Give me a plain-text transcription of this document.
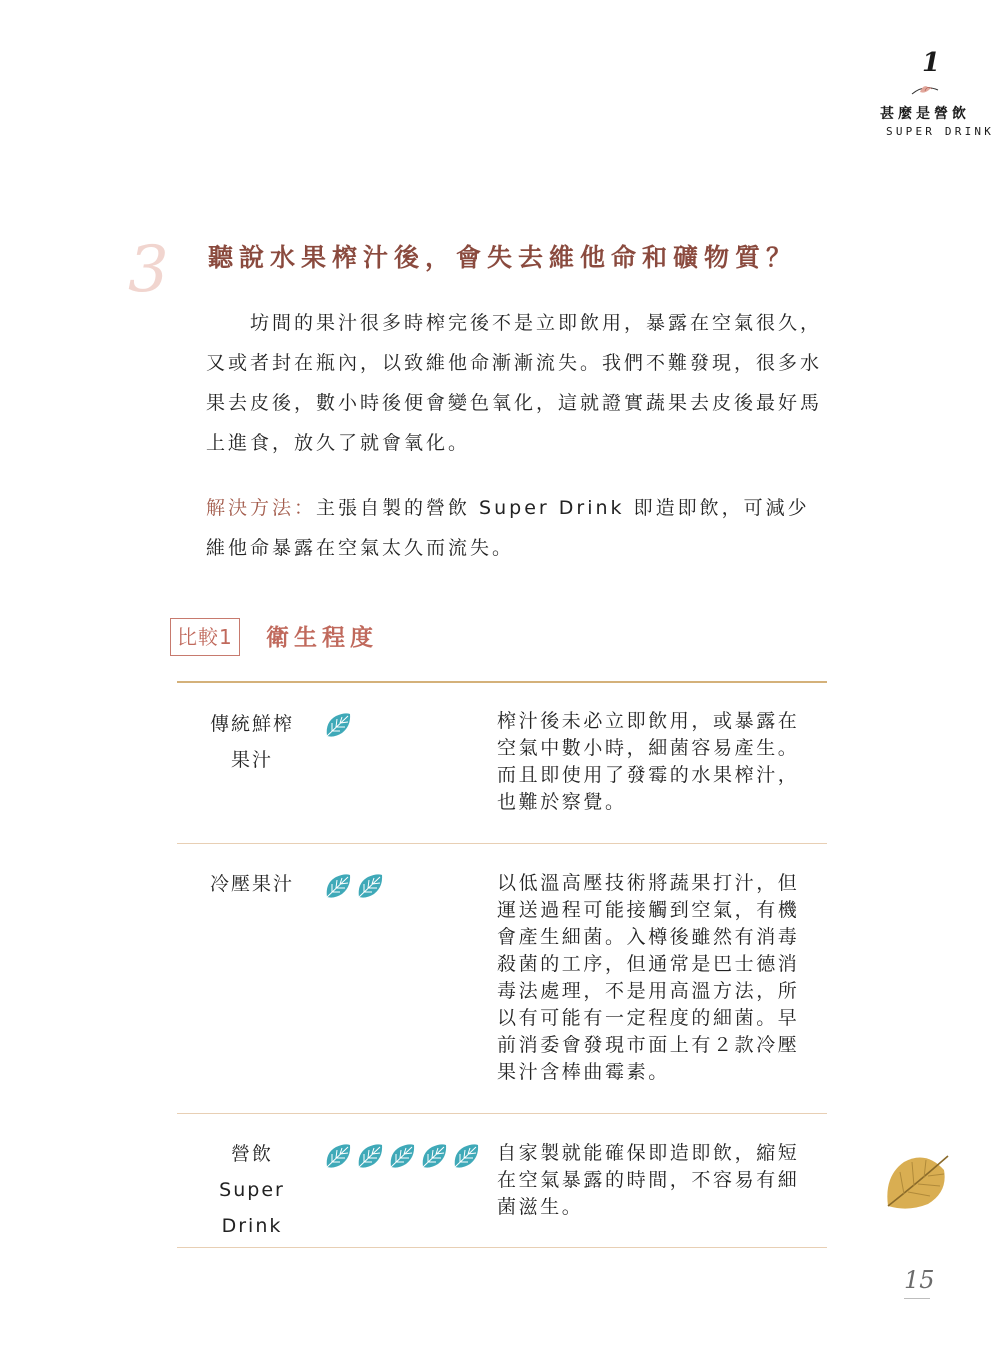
1
甚麼是營飲
SUPER DRINK
3 聽說水果榨汁後，會失去維他命和礦物質？
坊間的果汁很多時榨完後不是立即飲用，暴露在空氣很久，又或者封在瓶內，以致維他命漸漸流失。我們不難發現，很多水果去皮後，數小時後便會變色氧化，這就證實蔬果去皮後最好馬上進食，放久了就會氧化。
解決方法：主張自製的營飲 Super Drink 即造即飲，可減少維他命暴露在空氣太久而流失。
比較1	衛生程度
傳統鮮榨
果汁
榨汁後未必立即飲用，或暴露在空氣中數小時，細菌容易產生。而且即使用了發霉的水果榨汁，也難於察覺。
冷壓果汁	以低溫高壓技術將蔬果打汁，但運送過程可能接觸到空氣，有機會產生細菌。入樽後雖然有消毒殺菌的工序，但通常是巴士德消毒法處理，不是用高溫方法，所以有可能有一定程度的細菌。早前消委會發現市面上有２款冷壓果汁含棒曲霉素。
營飲 Super
Drink
自家製就能確保即造即飲，縮短在空氣暴露的時間，不容易有細菌滋生。
15
